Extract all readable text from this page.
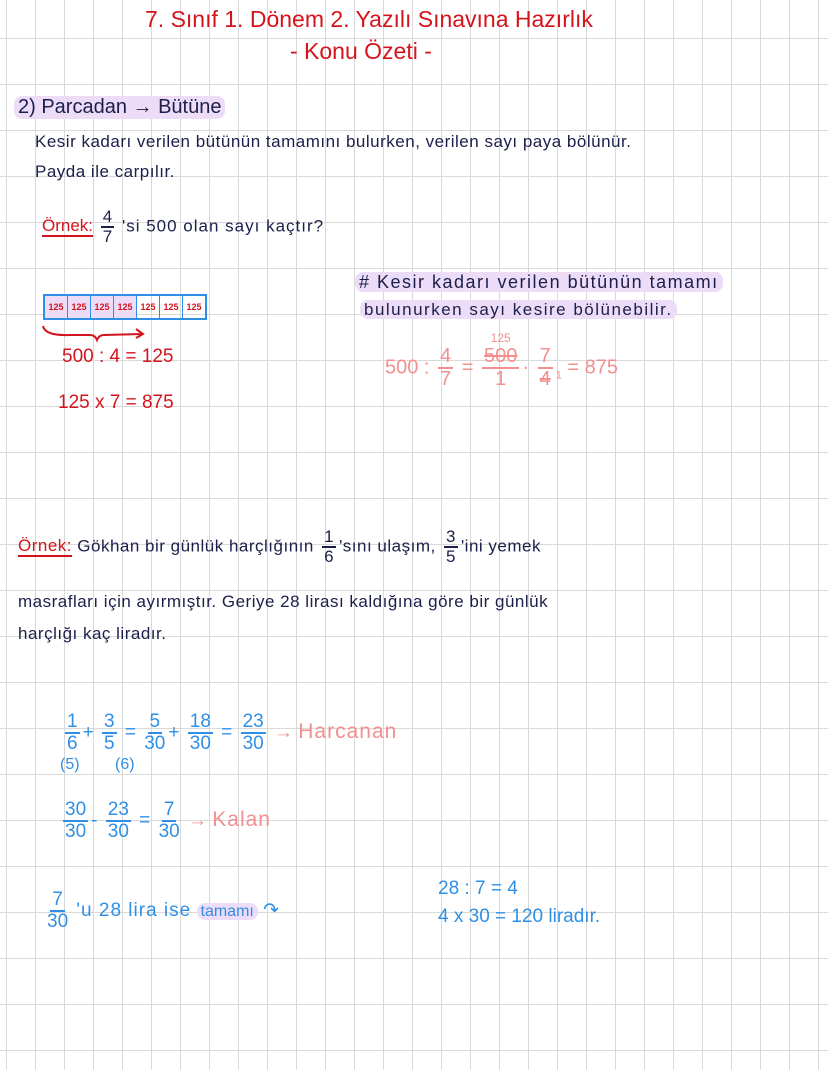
7. Sınıf 1. Dönem 2. Yazılı Sınavına Hazırlık
- Konu Özeti -
2) Parcadan → Bütüne
Kesir kadarı verilen bütünün tamamını bulurken, verilen sayı paya bölünür.
Payda ile carpılır.
Örnek: $\frac{4}{7}$ 'si 500 olan sayı kaçtır?
125 125 125 125 125 125 125
500 : 4 = 125
125 x 7 = 875
# Kesir kadarı verilen bütünün tamamı
bulunurken sayı kesire bölünebilir.
500 : $\frac{4}{7}$ =
125
500
1
· $\frac{7}{4} _1 = 875$
Örnek: Gökhan bir günlük harçlığının $\frac{1}{6}$ 'sını ulaşım, $\frac{3}{5}$ 'ini yemek
masrafları için ayırmıştır. Geriye 28 lirası kaldığına göre bir günlük
harçlığı kaç liradır.
$\frac{1}{6} + \frac{3}{5} = \frac{5}{30} + \frac{18}{30} = \frac{23}{30}$ → Harcanan
(5) (6)
$\frac{30}{30} - \frac{23}{30} = \frac{7}{30}$ → Kalan
$\frac{7}{30}$ 'u 28 lira ise tamamı ↷
28 : 7 = 4
4 x 30 = 120 liradır.
